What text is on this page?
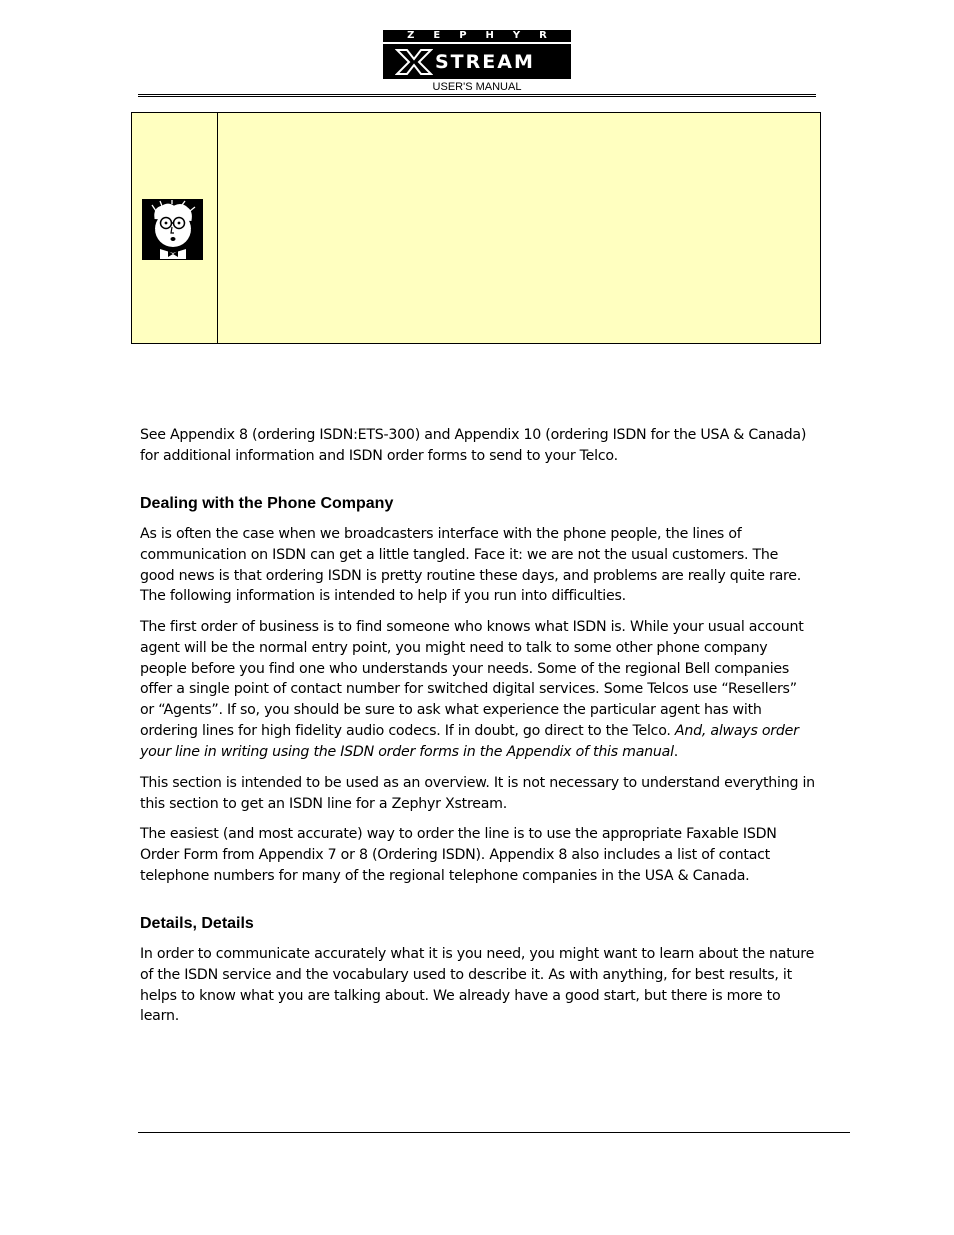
ZEPHYR
STREAM
USER'S MANUAL

See Appendix 8 (ordering ISDN:ETS-300) and Appendix 10 (ordering ISDN for the USA & Canada) for additional information and ISDN order forms to send to your Telco.

Dealing with the Phone Company

As is often the case when we broadcasters interface with the phone people, the lines of communication on ISDN can get a little tangled. Face it: we are not the usual customers. The good news is that ordering ISDN is pretty routine these days, and problems are really quite rare. The following information is intended to help if you run into difficulties.

The first order of business is to find someone who knows what ISDN is. While your usual account agent will be the normal entry point, you might need to talk to some other phone company people before you find one who understands your needs. Some of the regional Bell companies offer a single point of contact number for switched digital services. Some Telcos use “Resellers” or “Agents”. If so, you should be sure to ask what experience the particular agent has with ordering lines for high fidelity audio codecs. If in doubt, go direct to the Telco. And, always order your line in writing using the ISDN order forms in the Appendix of this manual.

This section is intended to be used as an overview. It is not necessary to understand everything in this section to get an ISDN line for a Zephyr Xstream.

The easiest (and most accurate) way to order the line is to use the appropriate Faxable ISDN Order Form from Appendix 7 or 8 (Ordering ISDN). Appendix 8 also includes a list of contact telephone numbers for many of the regional telephone companies in the USA & Canada.

Details, Details

In order to communicate accurately what it is you need, you might want to learn about the nature of the ISDN service and the vocabulary used to describe it. As with anything, for best results, it helps to know what you are talking about. We already have a good start, but there is more to learn.
